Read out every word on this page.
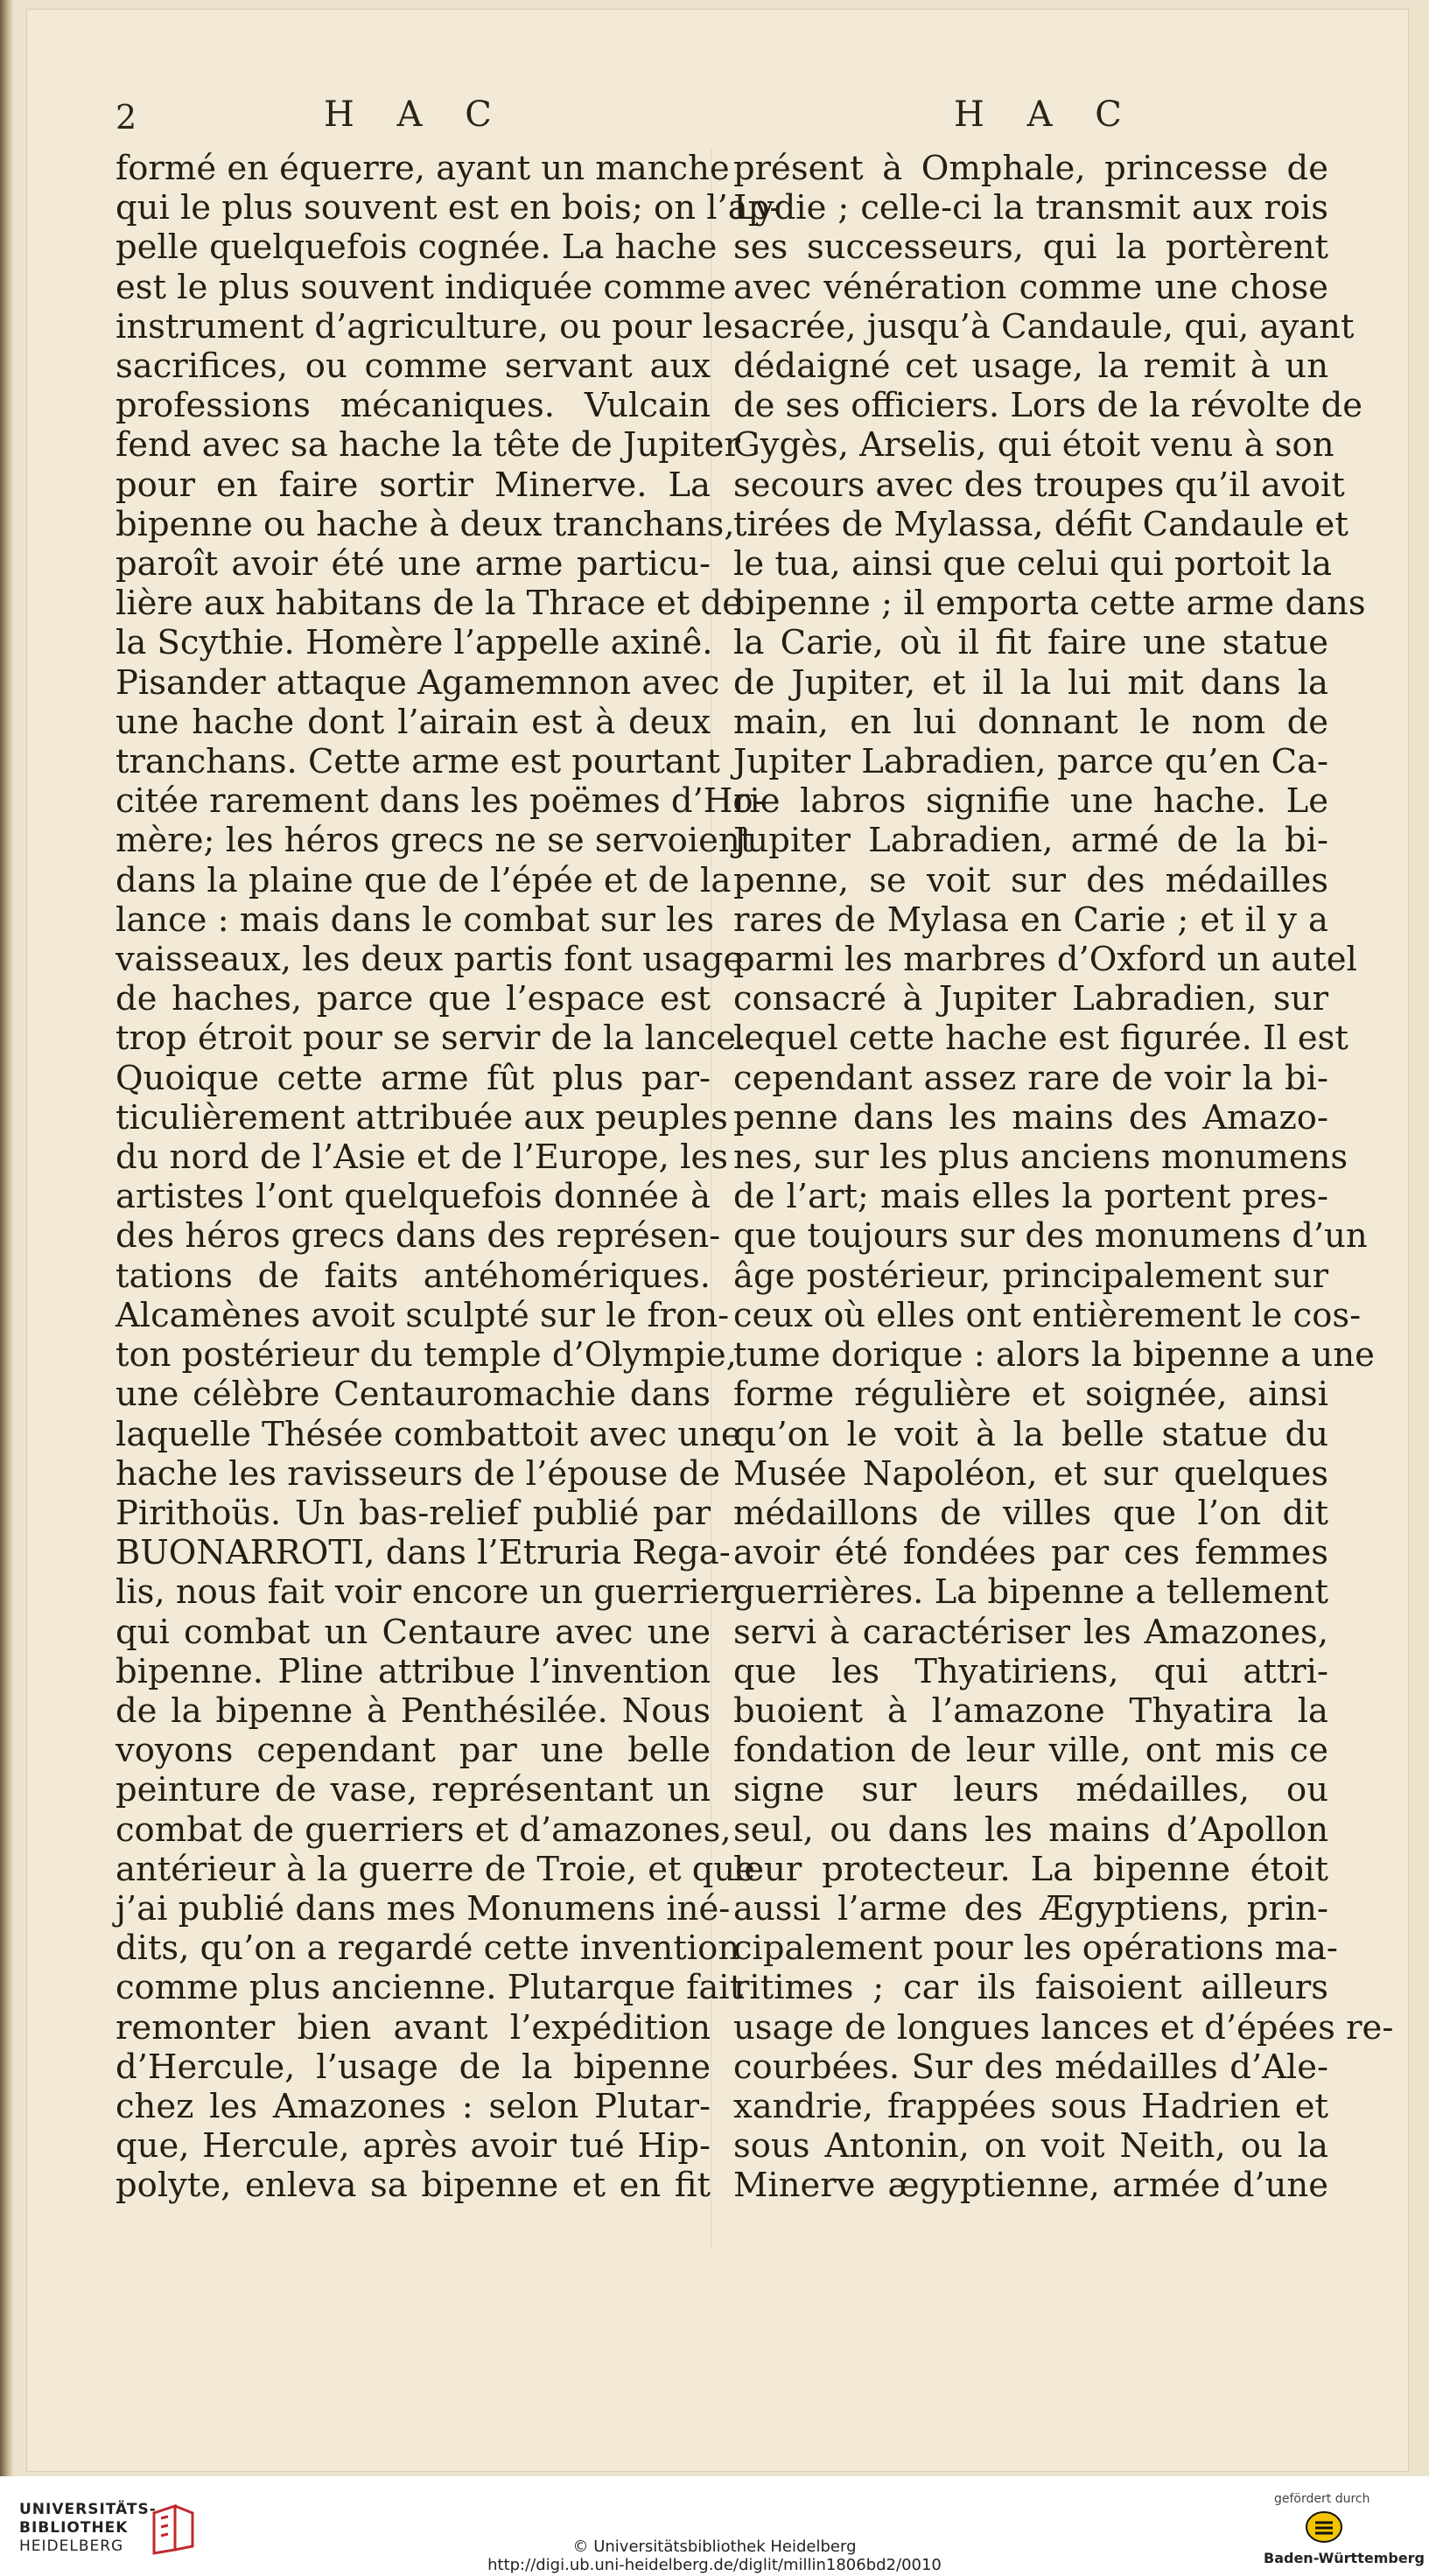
2	H A C	H A C
formé en équerre, ayant un manche
qui le plus souvent est en bois; on l’ap-
pelle quelquefois cognée. La hache
est le plus souvent indiquée comme
instrument d’agriculture, ou pour les
sacrifices, ou comme servant aux
professions mécaniques. Vulcain
fend avec sa hache la tête de Jupiter
pour en faire sortir Minerve. La
bipenne ou hache à deux tranchans,
paroît avoir été une arme particu-
lière aux habitans de la Thrace et de
la Scythie. Homère l’appelle axinê.
Pisander attaque Agamemnon avec
une hache dont l’airain est à deux
tranchans. Cette arme est pourtant
citée rarement dans les poëmes d’Ho-
mère; les héros grecs ne se servoient
dans la plaine que de l’épée et de la
lance : mais dans le combat sur les
vaisseaux, les deux partis font usage
de haches, parce que l’espace est
trop étroit pour se servir de la lance.
Quoique cette arme fût plus par-
ticulièrement attribuée aux peuples
du nord de l’Asie et de l’Europe, les
artistes l’ont quelquefois donnée à
des héros grecs dans des représen-
tations de faits antéhomériques.
Alcamènes avoit sculpté sur le fron-
ton postérieur du temple d’Olympie,
une célèbre Centauromachie dans
laquelle Thésée combattoit avec une
hache les ravisseurs de l’épouse de
Pirithoüs. Un bas-relief publié par
BUONARROTI, dans l’Etruria Rega-
lis, nous fait voir encore un guerrier
qui combat un Centaure avec une
bipenne. Pline attribue l’invention
de la bipenne à Penthésilée. Nous
voyons cependant par une belle
peinture de vase, représentant un
combat de guerriers et d’amazones,
antérieur à la guerre de Troie, et que
j’ai publié dans mes Monumens iné-
dits, qu’on a regardé cette invention
comme plus ancienne. Plutarque fait
remonter bien avant l’expédition
d’Hercule, l’usage de la bipenne
chez les Amazones : selon Plutar-
que, Hercule, après avoir tué Hip-
polyte, enleva sa bipenne et en fit
présent à Omphale, princesse de
Lydie ; celle-ci la transmit aux rois
ses successeurs, qui la portèrent
avec vénération comme une chose
sacrée, jusqu’à Candaule, qui, ayant
dédaigné cet usage, la remit à un
de ses officiers. Lors de la révolte de
Gygès, Arselis, qui étoit venu à son
secours avec des troupes qu’il avoit
tirées de Mylassa, défit Candaule et
le tua, ainsi que celui qui portoit la
bipenne ; il emporta cette arme dans
la Carie, où il fit faire une statue
de Jupiter, et il la lui mit dans la
main, en lui donnant le nom de
Jupiter Labradien, parce qu’en Ca-
rie labros signifie une hache. Le
Jupiter Labradien, armé de la bi-
penne, se voit sur des médailles
rares de Mylasa en Carie ; et il y a
parmi les marbres d’Oxford un autel
consacré à Jupiter Labradien, sur
lequel cette hache est figurée. Il est
cependant assez rare de voir la bi-
penne dans les mains des Amazo-
nes, sur les plus anciens monumens
de l’art; mais elles la portent pres-
que toujours sur des monumens d’un
âge postérieur, principalement sur
ceux où elles ont entièrement le cos-
tume dorique : alors la bipenne a une
forme régulière et soignée, ainsi
qu’on le voit à la belle statue du
Musée Napoléon, et sur quelques
médaillons de villes que l’on dit
avoir été fondées par ces femmes
guerrières. La bipenne a tellement
servi à caractériser les Amazones,
que les Thyatiriens, qui attri-
buoient à l’amazone Thyatira la
fondation de leur ville, ont mis ce
signe sur leurs médailles, ou
seul, ou dans les mains d’Apollon
leur protecteur. La bipenne étoit
aussi l’arme des Ægyptiens, prin-
cipalement pour les opérations ma-
ritimes ; car ils faisoient ailleurs
usage de longues lances et d’épées re-
courbées. Sur des médailles d’Ale-
xandrie, frappées sous Hadrien et
sous Antonin, on voit Neith, ou la
Minerve ægyptienne, armée d’une
UNIVERSITÄTS-
BIBLIOTHEK
HEIDELBERG	© Universitätsbibliothek Heidelberg
http://digi.ub.uni-heidelberg.de/diglit/millin1806bd2/0010
gefördert durch
Baden-Württemberg
